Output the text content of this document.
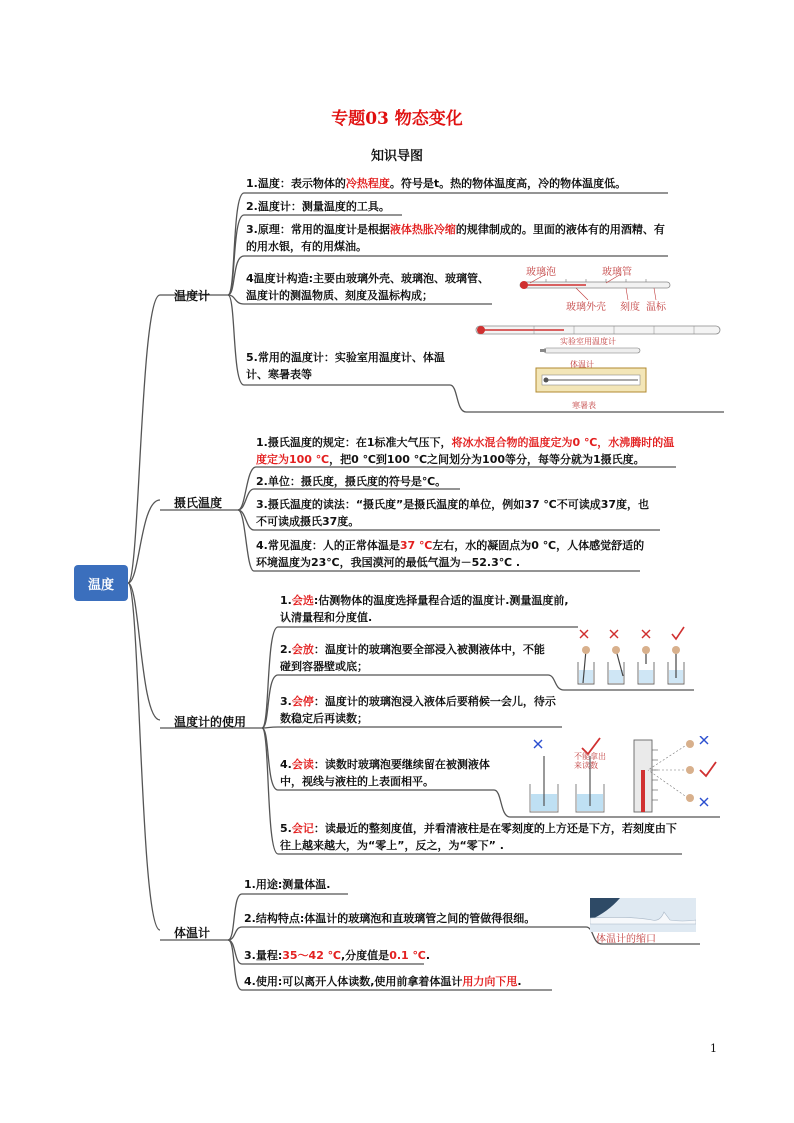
专题03 物态变化
知识导图
温度
温度计
摄氏温度
温度计的使用
体温计
1.温度：表示物体的冷热程度。符号是t。热的物体温度高，冷的物体温度低。
2.温度计：测量温度的工具。
3.原理：常用的温度计是根据液体热胀冷缩的规律制成的。里面的液体有的用酒精、有的用水银，有的用煤油。
4温度计构造:主要由玻璃外壳、玻璃泡、玻璃管、温度计的测温物质、刻度及温标构成；
5.常用的温度计：实验室用温度计、体温计、寒暑表等
玻璃泡	玻璃管
玻璃外壳 刻度 温标
实验室用温度计
体温计
寒暑表
1.摄氏温度的规定：在1标准大气压下，将冰水混合物的温度定为0 ℃，水沸腾时的温度定为100 ℃，把0 ℃到100 ℃之间划分为100等分，每等分就为1摄氏度。
2.单位：摄氏度，摄氏度的符号是℃。
3.摄氏温度的读法：“摄氏度”是摄氏温度的单位，例如37 ℃不可读成37度，也不可读成摄氏37度。
4.常见温度：人的正常体温是37 ℃左右，水的凝固点为0 ℃，人体感觉舒适的环境温度为23℃，我国漠河的最低气温为－52.3℃ .
1.会选:估测物体的温度选择量程合适的温度计.测量温度前,认清量程和分度值.
2.会放：温度计的玻璃泡要全部浸入被测液体中，不能碰到容器壁或底；
3.会停：温度计的玻璃泡浸入液体后要稍候一会儿，待示数稳定后再读数；
4.会读：读数时玻璃泡要继续留在被测液体中，视线与液柱的上表面相平。
5.会记：读最近的整刻度值，并看清液柱是在零刻度的上方还是下方，若刻度由下往上越来越大，为“零上”，反之，为“零下” .
不能拿出来读数
1.用途:测量体温.
2.结构特点:体温计的玻璃泡和直玻璃管之间的管做得很细。
3.量程:35～42 ℃,分度值是0.1 ℃.
4.使用:可以离开人体读数,使用前拿着体温计用力向下甩.
体温计的缩口
1
